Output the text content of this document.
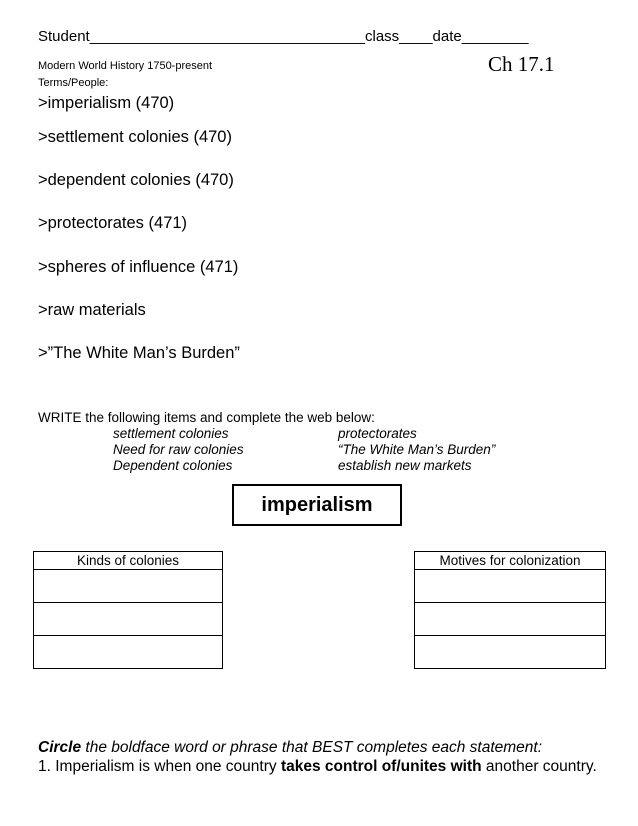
Student_________________________________class____date________
Modern World History 1750-present	Ch 17.1
Terms/People:
>imperialism (470)
>settlement colonies (470)
>dependent colonies (470)
>protectorates (471)
>spheres of influence (471)
>raw materials
>”The White Man’s Burden”
WRITE the following items and complete the web below:
settlement colonies	protectorates
Need for raw colonies	“The White Man’s Burden”
Dependent colonies	establish new markets
imperialism
Kinds of colonies	Motives for colonization

Circle the boldface word or phrase that BEST completes each statement:
1. Imperialism is when one country takes control of/unites with another country.
